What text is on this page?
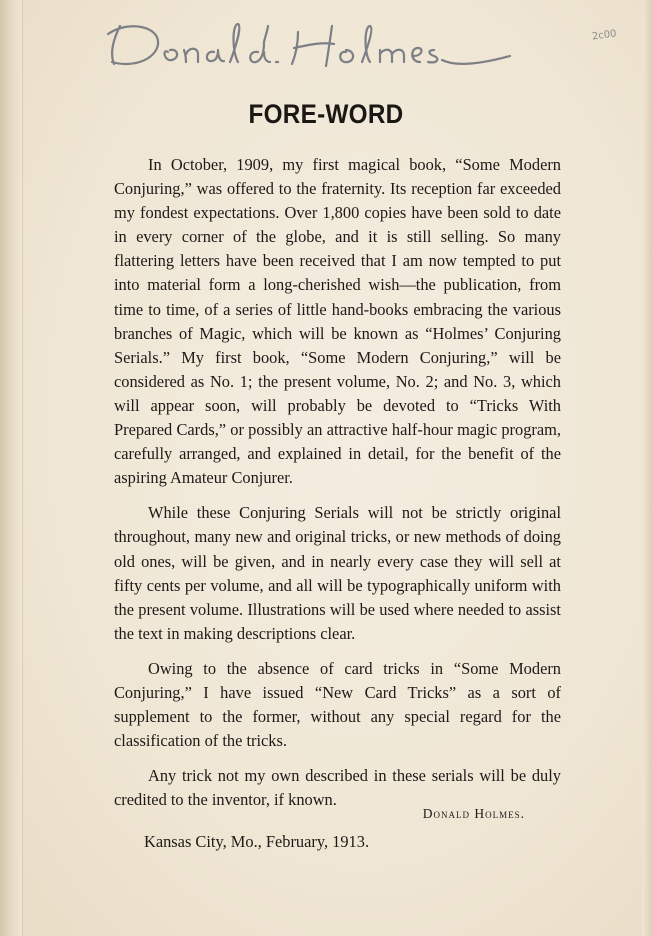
2c00
FORE-WORD

In October, 1909, my first magical book, “Some Modern Conjuring,” was offered to the fraternity. Its reception far exceeded my fondest expectations. Over 1,800 copies have been sold to date in every corner of the globe, and it is still selling. So many flattering letters have been received that I am now tempted to put into material form a long-cherished wish—the publication, from time to time, of a series of little hand-books embracing the various branches of Magic, which will be known as “Holmes’ Conjuring Serials.” My first book, “Some Modern Conjuring,” will be considered as No. 1; the present volume, No. 2; and No. 3, which will appear soon, will probably be devoted to “Tricks With Prepared Cards,” or possibly an attractive half-hour magic program, carefully arranged, and explained in detail, for the benefit of the aspiring Amateur Conjurer.

While these Conjuring Serials will not be strictly original throughout, many new and original tricks, or new methods of doing old ones, will be given, and in nearly every case they will sell at fifty cents per volume, and all will be typographically uniform with the present volume. Illustrations will be used where needed to assist the text in making descriptions clear.

Owing to the absence of card tricks in “Some Modern Conjuring,” I have issued “New Card Tricks” as a sort of supplement to the former, without any special regard for the classification of the tricks.

Any trick not my own described in these serials will be duly credited to the inventor, if known.

Donald Holmes.
Kansas City, Mo., February, 1913.
